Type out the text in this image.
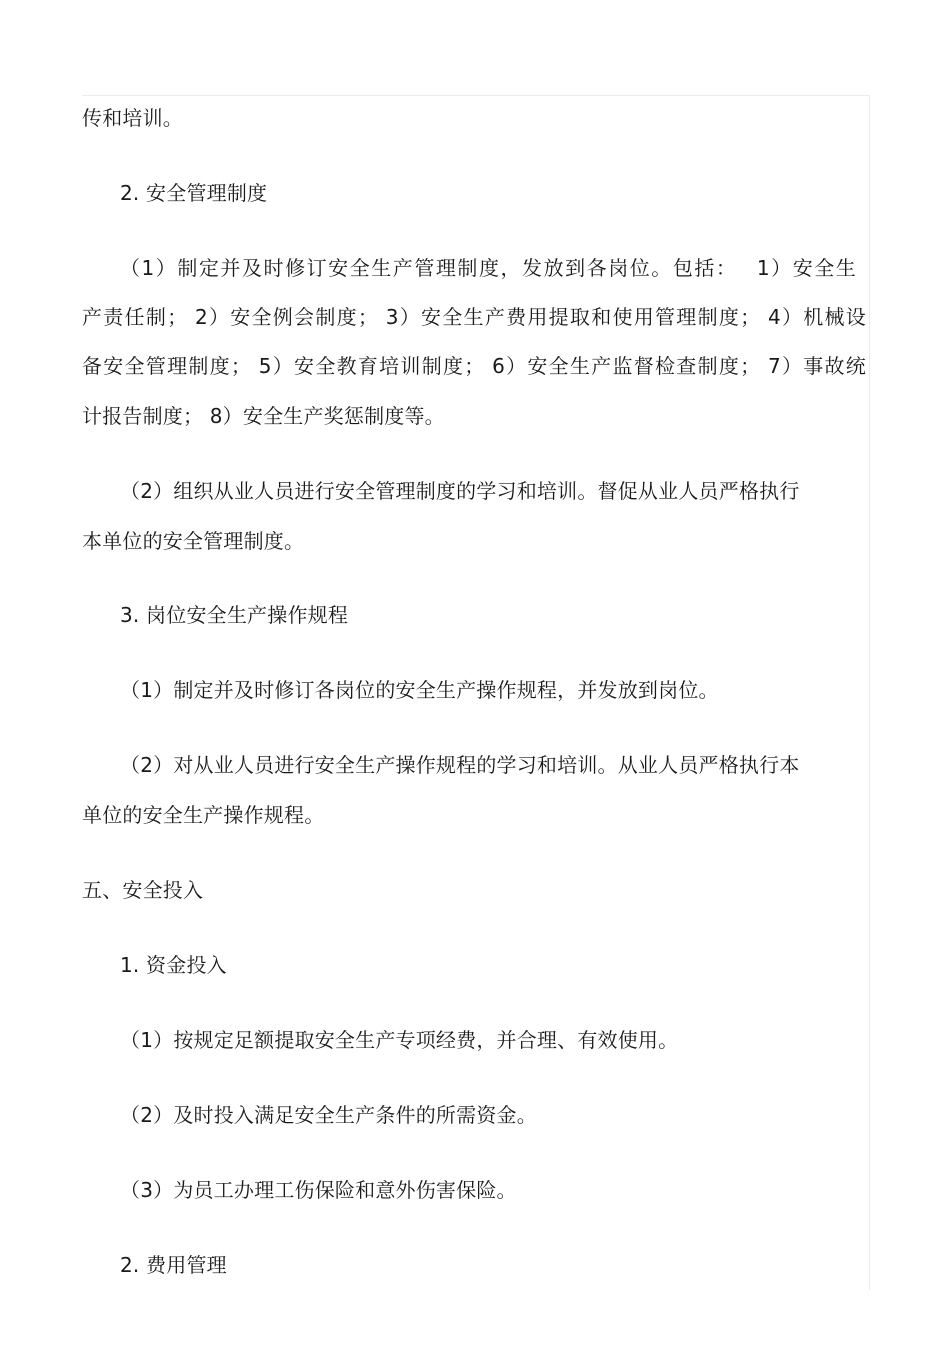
传和培训。
2. 安全管理制度
（1）制定并及时修订安全生产管理制度，发放到各岗位。包括：　 1）安全生
产责任制； 2）安全例会制度； 3）安全生产费用提取和使用管理制度； 4）机械设
备安全管理制度； 5）安全教育培训制度； 6）安全生产监督检查制度； 7）事故统
计报告制度； 8）安全生产奖惩制度等。
（2）组织从业人员进行安全管理制度的学习和培训。督促从业人员严格执行
本单位的安全管理制度。
3. 岗位安全生产操作规程
（1）制定并及时修订各岗位的安全生产操作规程，并发放到岗位。
（2）对从业人员进行安全生产操作规程的学习和培训。从业人员严格执行本
单位的安全生产操作规程。
五、安全投入
1. 资金投入
（1）按规定足额提取安全生产专项经费，并合理、有效使用。
（2）及时投入满足安全生产条件的所需资金。
（3）为员工办理工伤保险和意外伤害保险。
2. 费用管理
